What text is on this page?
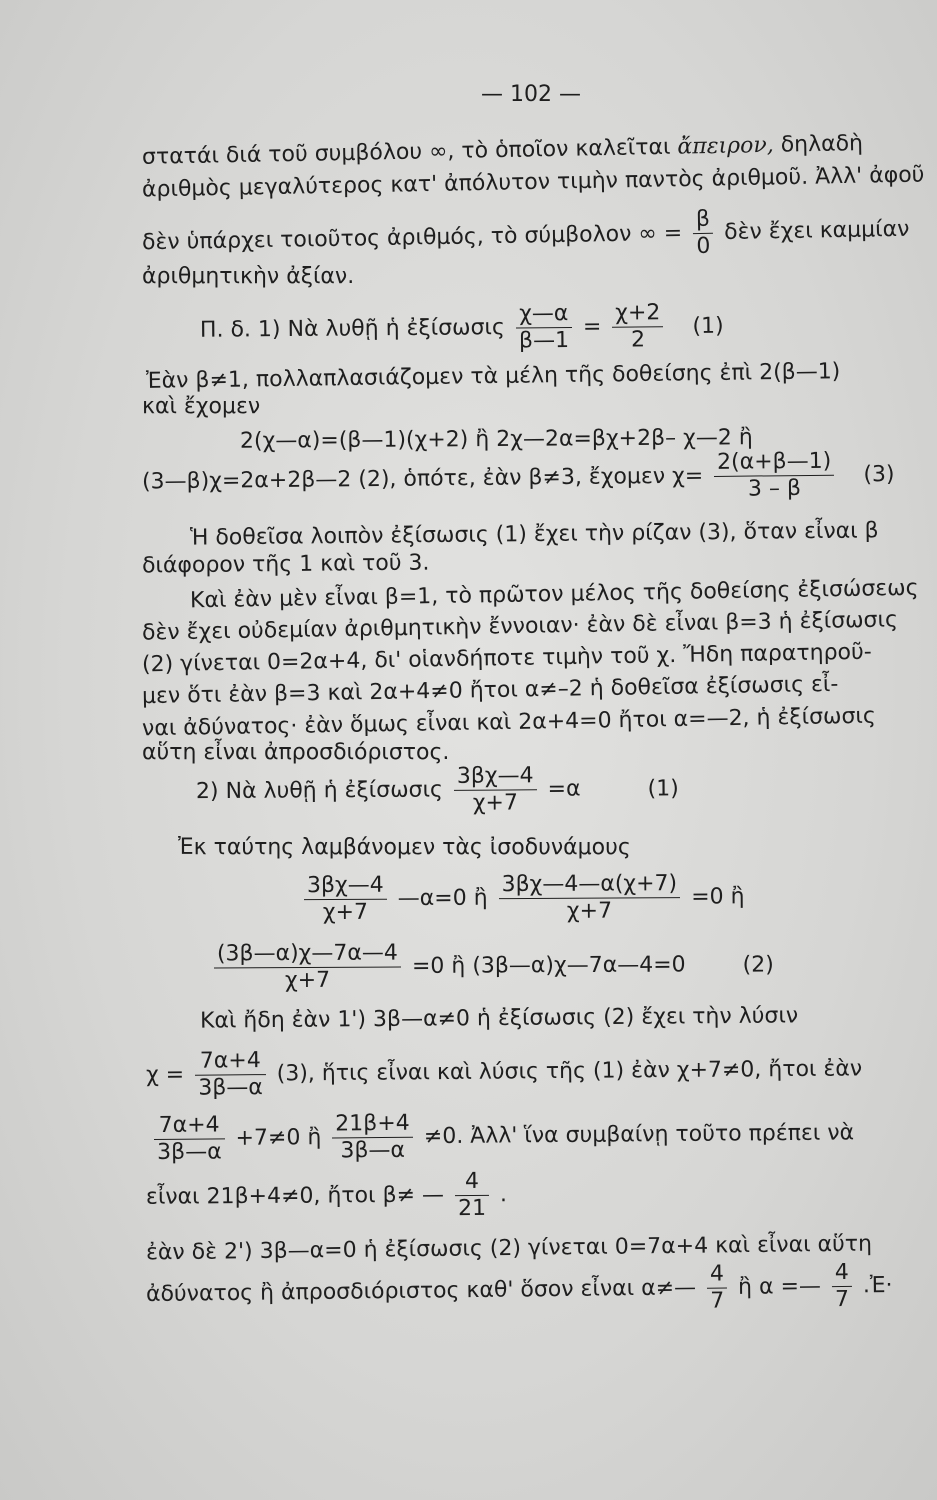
— 102 —
στατάι διά τοῦ συμβόλου ∞, τὸ ὁποῖον καλεῖται ἄπειρον, δηλαδὴ
ἀριθμὸς μεγαλύτερος κατ' ἀπόλυτον τιμὴν παντὸς ἀριθμοῦ. Ἀλλ' ἀφοῦ
δὲν ὑπάρχει τοιοῦτος ἀριθμός, τὸ σύμβολον ∞ = $\frac{\beta}{0}$ δὲν ἔχει καμμίαν
ἀριθμητικὴν ἀξίαν.
Π. δ. 1) Νὰ λυθῇ ἡ ἐξίσωσις $\frac{\chi—\alpha}{\beta—1} = \frac{\chi+2}{2} (1)$
Ἐὰν β≠1, πολλαπλασιάζομεν τὰ μέλη τῆς δοθείσης ἐπὶ 2(β—1)
καὶ ἔχομεν
2(χ—α)=(β—1)(χ+2) ἢ 2χ—2α=βχ+2β– χ—2 ἢ
(3—β)χ=2α+2β—2 (2), ὁπότε, ἐὰν β≠3, ἔχομεν $\chi= \frac{2(\alpha+\beta—1)}{3 - \beta} (3)$
Ἡ δοθεῖσα λοιπὸν ἐξίσωσις (1) ἔχει τὴν ρίζαν (3), ὅταν εἶναι β
διάφορον τῆς 1 καὶ τοῦ 3.
Καὶ ἐὰν μὲν εἶναι β=1, τὸ πρῶτον μέλος τῆς δοθείσης ἐξισώσεως
δὲν ἔχει οὐδεμίαν ἀριθμητικὴν ἔννοιαν· ἐὰν δὲ εἶναι β=3 ἡ ἐξίσωσις
(2) γίνεται 0=2α+4, δι' οἱανδήποτε τιμὴν τοῦ χ. Ἤδη παρατηροῦ-
μεν ὅτι ἐὰν β=3 καὶ 2α+4≠0 ἤτοι α≠–2 ἡ δοθεῖσα ἐξίσωσις εἶ-
ναι ἀδύνατος· ἐὰν ὅμως εἶναι καὶ 2α+4=0 ἤτοι α=—2, ἡ ἐξίσωσις
αὕτη εἶναι ἀπροσδιόριστος.
2) Νὰ λυθῇ ἡ ἐξίσωσις $\frac{3\beta\chi—4}{\chi+7} =\alpha$	(1)
Ἐκ ταύτης λαμβάνομεν τὰς ἰσοδυνάμους
$\frac{3\beta\chi—4}{\chi+7}$ —α=0 ἢ $\frac{3\beta\chi—4—\alpha(\chi+7)}{\chi+7} =0$ ἢ
$\frac{(3\beta—\alpha)\chi—7\alpha—4}{\chi+7} =0$ ἢ (3β—α)χ—7α—4=0	(2)
Καὶ ἤδη ἐὰν 1') 3β—α≠0 ἡ ἐξίσωσις (2) ἔχει τὴν λύσιν
$\chi = \frac{7\alpha+4}{3\beta—\alpha} (3)$, ἥτις εἶναι καὶ λύσις τῆς (1) ἐὰν χ+7≠0, ἤτοι ἐὰν
$\frac{7\alpha+4}{3\beta—\alpha} +7\ne 0$ ἢ $\frac{21\beta+4}{3\beta—\alpha} \ne 0$. Ἀλλ' ἵνα συμβαίνῃ τοῦτο πρέπει νὰ
εἶναι 21β+4≠0, ἤτοι β≠ — $\frac{4}{21}$ .
ἐὰν δὲ 2') 3β—α=0 ἡ ἐξίσωσις (2) γίνεται 0=7α+4 καὶ εἶναι αὕτη
ἀδύνατος ἢ ἀπροσδιόριστος καθ' ὅσον εἶναι α≠— $\frac{4}{7}$ ἢ α =— $\frac{4}{7}$ .Ἐ·
